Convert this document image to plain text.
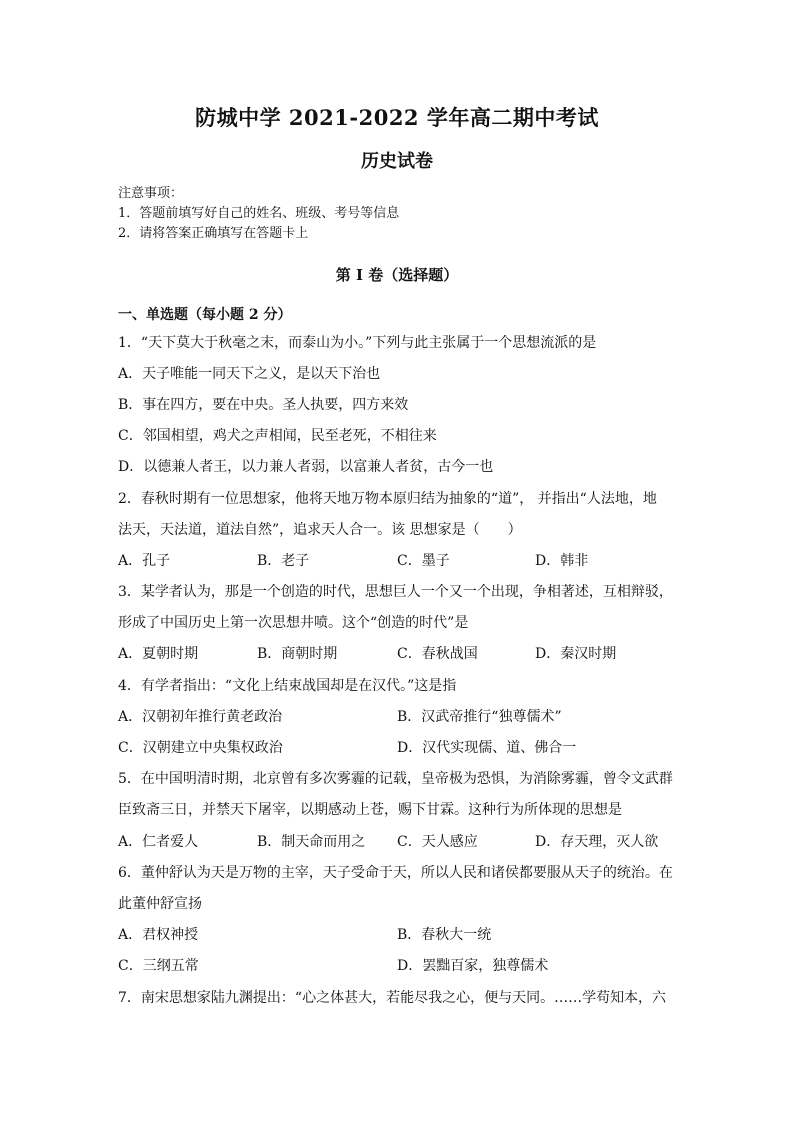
防城中学 2021-2022 学年高二期中考试
历史试卷
注意事项：
1．答题前填写好自己的姓名、班级、考号等信息
2．请将答案正确填写在答题卡上
第 I 卷（选择题）
一、单选题（每小题 2 分）
1．“天下莫大于秋毫之末，而泰山为小。”下列与此主张属于一个思想流派的是
A．天子唯能一同天下之义，是以天下治也
B．事在四方，要在中央。圣人执要，四方来效
C．邻国相望，鸡犬之声相闻，民至老死，不相往来
D．以德兼人者王，以力兼人者弱，以富兼人者贫，古今一也
2．春秋时期有一位思想家，他将天地万物本原归结为抽象的“道”， 并指出“人法地，地
法天，天法道，道法自然”，追求天人合一。该 思想家是（　　）
A．孔子	B．老子	C．墨子	D．韩非
3．某学者认为，那是一个创造的时代，思想巨人一个又一个出现，争相著述，互相辩驳，
形成了中国历史上第一次思想井喷。这个“创造的时代”是
A．夏朝时期	B．商朝时期	C．春秋战国	D．秦汉时期
4．有学者指出：“文化上结束战国却是在汉代。”这是指
A．汉朝初年推行黄老政治	B．汉武帝推行“独尊儒术”
C．汉朝建立中央集权政治	D．汉代实现儒、道、佛合一
5．在中国明清时期，北京曾有多次雾霾的记载，皇帝极为恐惧，为消除雾霾，曾令文武群
臣致斋三日，并禁天下屠宰，以期感动上苍，赐下甘霖。这种行为所体现的思想是
A．仁者爱人	B．制天命而用之 C．天人感应	D．存天理，灭人欲
6．董仲舒认为天是万物的主宰，天子受命于天，所以人民和诸侯都要服从天子的统治。在
此董仲舒宣扬
A．君权神授	B．春秋大一统
C．三纲五常	D．罢黜百家，独尊儒术
7．南宋思想家陆九渊提出：“心之体甚大，若能尽我之心，便与天同。……学苟知本，六
